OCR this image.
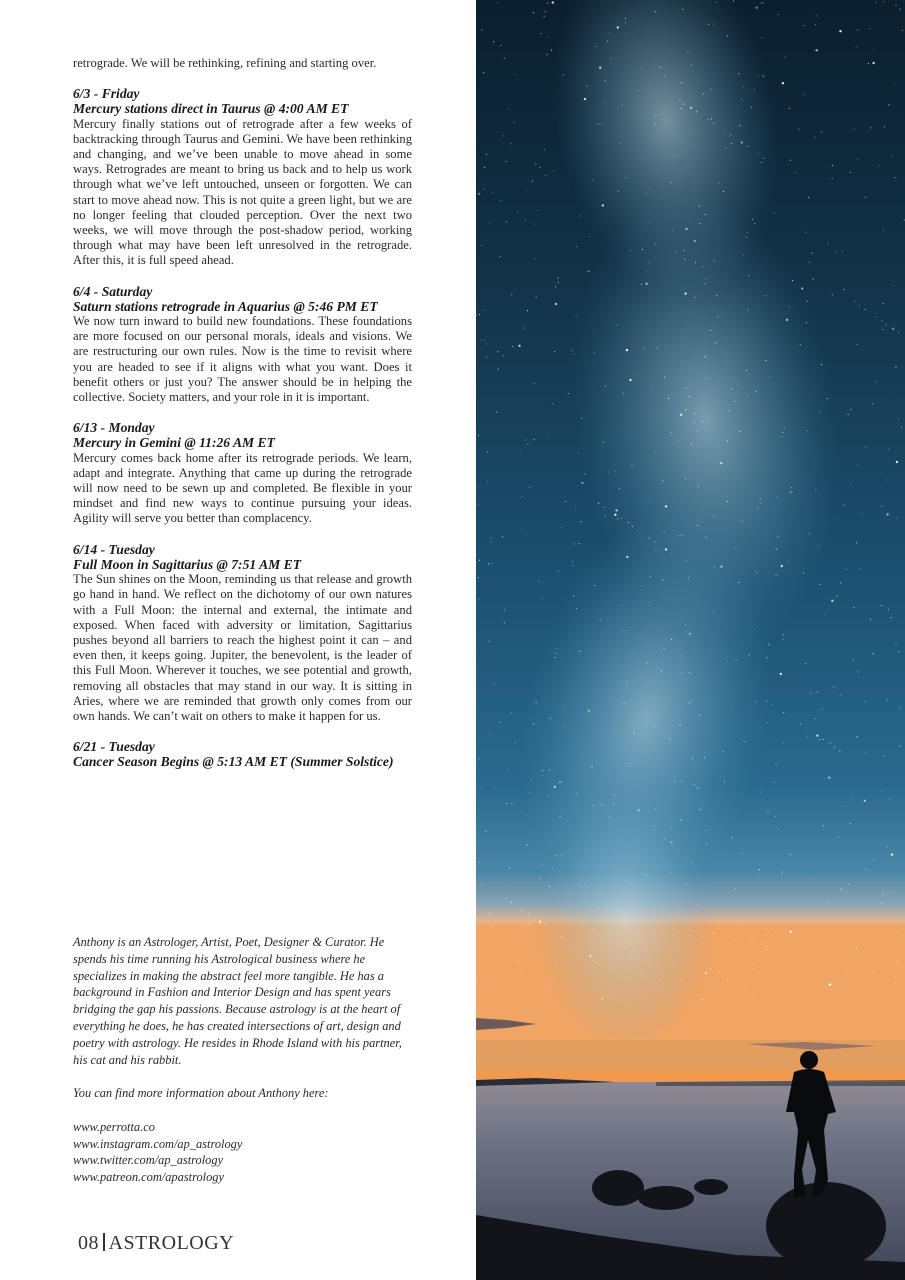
retrograde. We will be rethinking, refining and starting over.

6/3 - Friday

Mercury stations direct in Taurus @ 4:00 AM ET

Mercury finally stations out of retrograde after a few weeks of backtracking through Taurus and Gemini. We have been rethinking and changing, and we’ve been unable to move ahead in some ways. Retrogrades are meant to bring us back and to help us work through what we’ve left untouched, unseen or forgotten. We can start to move ahead now. This is not quite a green light, but we are no longer feeling that clouded perception. Over the next two weeks, we will move through the post-shadow period, working through what may have been left unresolved in the retrograde. After this, it is full speed ahead.

6/4 - Saturday

Saturn stations retrograde in Aquarius @ 5:46 PM ET

We now turn inward to build new foundations. These foundations are more focused on our personal morals, ideals and visions. We are restructuring our own rules. Now is the time to revisit where you are headed to see if it aligns with what you want. Does it benefit others or just you? The answer should be in helping the collective. Society matters, and your role in it is important.

6/13 - Monday

Mercury in Gemini @ 11:26 AM ET

Mercury comes back home after its retrograde periods. We learn, adapt and integrate. Anything that came up during the retrograde will now need to be sewn up and completed. Be flexible in your mindset and find new ways to continue pursuing your ideas. Agility will serve you better than complacency.

6/14 - Tuesday

Full Moon in Sagittarius @ 7:51 AM ET

The Sun shines on the Moon, reminding us that release and growth go hand in hand. We reflect on the dichotomy of our own natures with a Full Moon: the internal and external, the intimate and exposed. When faced with adversity or limitation, Sagittarius pushes beyond all barriers to reach the highest point it can – and even then, it keeps going. Jupiter, the benevolent, is the leader of this Full Moon. Wherever it touches, we see potential and growth, removing all obstacles that may stand in our way. It is sitting in Aries, where we are reminded that growth only comes from our own hands. We can’t wait on others to make it happen for us.

6/21 - Tuesday

Cancer Season Begins @ 5:13 AM ET (Summer Solstice)

Anthony is an Astrologer, Artist, Poet, Designer & Curator. He spends his time running his Astrological business where he specializes in making the abstract feel more tangible. He has a background in Fashion and Interior Design and has spent years bridging the gap his passions. Because astrology is at the heart of everything he does, he has created intersections of art, design and poetry with astrology. He resides in Rhode Island with his partner, his cat and his rabbit.

You can find more information about Anthony here:

www.perrotta.co

www.instagram.com/ap_astrology

www.twitter.com/ap_astrology

www.patreon.com/apastrology

08 ASTROLOGY
